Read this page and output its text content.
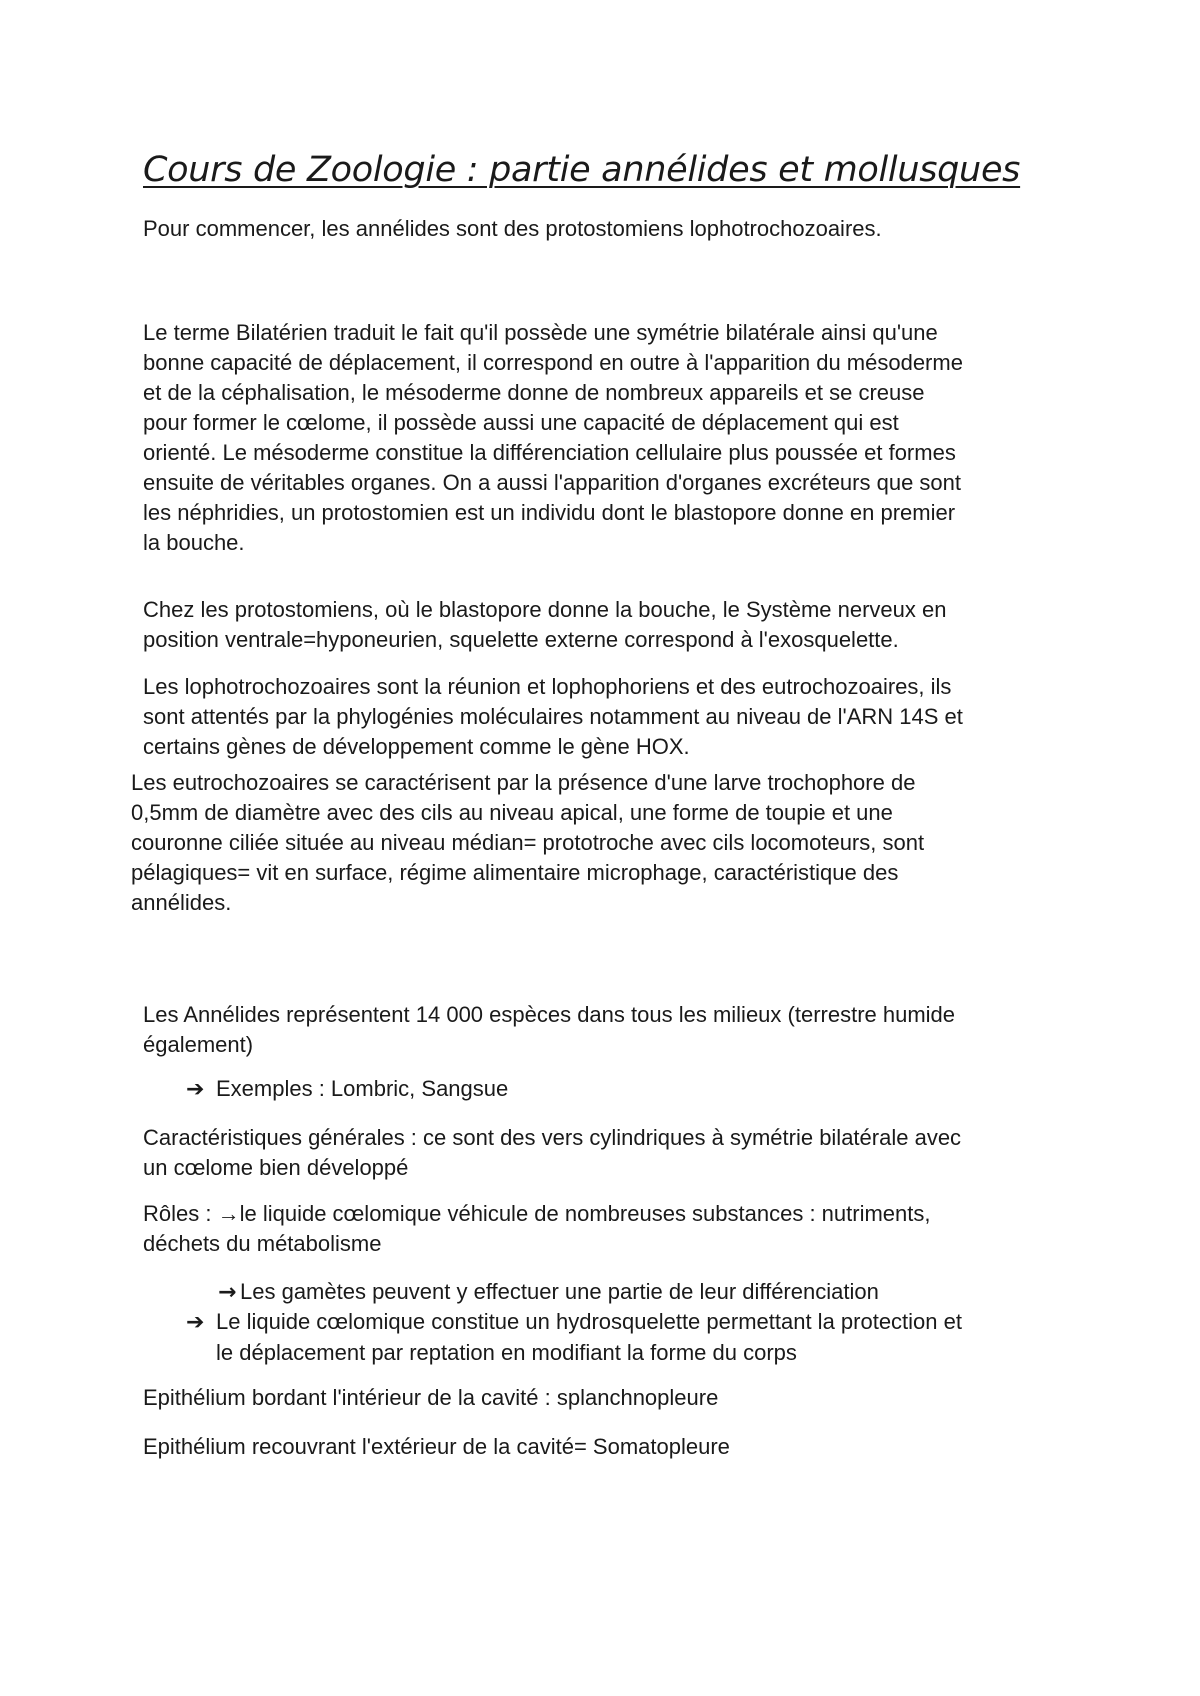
Cours de Zoologie : partie annélides et mollusques

Pour commencer, les annélides sont des protostomiens lophotrochozoaires.

Le terme Bilatérien traduit le fait qu'il possède une symétrie bilatérale ainsi qu'une
bonne capacité de déplacement, il correspond en outre à l'apparition du mésoderme
et de la céphalisation, le mésoderme donne de nombreux appareils et se creuse
pour former le cœlome, il possède aussi une capacité de déplacement qui est
orienté. Le mésoderme constitue la différenciation cellulaire plus poussée et formes
ensuite de véritables organes. On a aussi l'apparition d'organes excréteurs que sont
les néphridies, un protostomien est un individu dont le blastopore donne en premier
la bouche.
Chez les protostomiens, où le blastopore donne la bouche, le Système nerveux en
position ventrale=hyponeurien, squelette externe correspond à l'exosquelette.
Les lophotrochozoaires sont la réunion et lophophoriens et des eutrochozoaires, ils
sont attentés par la phylogénies moléculaires notamment au niveau de l'ARN 14S et
certains gènes de développement comme le gène HOX.
Les eutrochozoaires se caractérisent par la présence d'une larve trochophore de
0,5mm de diamètre avec des cils au niveau apical, une forme de toupie et une
couronne ciliée située au niveau médian= prototroche avec cils locomoteurs, sont
pélagiques= vit en surface, régime alimentaire microphage, caractéristique des
annélides.
Les Annélides représentent 14 000 espèces dans tous les milieux (terrestre humide
également)

➔ Exemples : Lombric, Sangsue

Caractéristiques générales : ce sont des vers cylindriques à symétrie bilatérale avec
un cœlome bien développé
Rôles : →le liquide cœlomique véhicule de nombreuses substances : nutriments,
déchets du métabolisme

→ Les gamètes peuvent y effectuer une partie de leur différenciation

➔ Le liquide cœlomique constitue un hydrosquelette permettant la protection et
le déplacement par reptation en modifiant la forme du corps

Epithélium bordant l'intérieur de la cavité : splanchnopleure

Epithélium recouvrant l'extérieur de la cavité= Somatopleure
